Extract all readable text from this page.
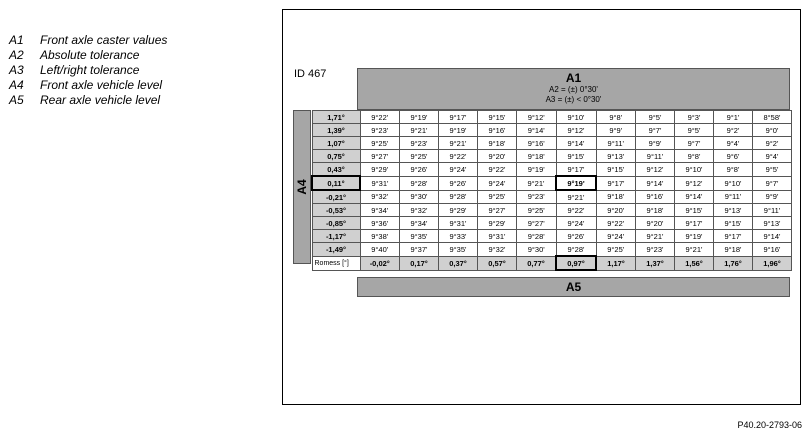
A1 Front axle caster values
A2 Absolute tolerance
A3 Left/right tolerance
A4 Front axle vehicle level
A5 Rear axle vehicle level
ID 467	A1
A2 = (±) 0°30'
A3 = (±) < 0°30'
A4
1,71°	9°22'	9°19'	9°17'	9°15'	9°12'	9°10'	9°8'	9°5'	9°3'	9°1'	8°58'
1,39°	9°23'	9°21'	9°19'	9°16'	9°14'	9°12'	9°9'	9°7'	9°5'	9°2'	9°0'
1,07°	9°25'	9°23'	9°21'	9°18'	9°16'	9°14'	9°11'	9°9'	9°7'	9°4'	9°2'
0,75°	9°27'	9°25'	9°22'	9°20'	9°18'	9°15'	9°13'	9°11'	9°8'	9°6'	9°4'
0,43°	9°29'	9°26'	9°24'	9°22'	9°19'	9°17'	9°15'	9°12'	9°10'	9°8'	9°5'
0,11°	9°31'	9°28'	9°26'	9°24'	9°21'	9°19'	9°17'	9°14'	9°12'	9°10'	9°7'
-0,21°	9°32'	9°30'	9°28'	9°25'	9°23'	9°21'	9°18'	9°16'	9°14'	9°11'	9°9'
-0,53°	9°34'	9°32'	9°29'	9°27'	9°25'	9°22'	9°20'	9°18'	9°15'	9°13'	9°11'
-0,85°	9°36'	9°34'	9°31'	9°29'	9°27'	9°24'	9°22'	9°20'	9°17'	9°15'	9°13'
-1,17°	9°38'	9°35'	9°33'	9°31'	9°28'	9°26'	9°24'	9°21'	9°19'	9°17'	9°14'
-1,49°	9°40'	9°37'	9°35'	9°32'	9°30'	9°28'	9°25'	9°23'	9°21'	9°18'	9°16'
Romess [°]	-0,02°	0,17°	0,37°	0,57°	0,77°	0,97°	1,17°	1,37°	1,56°	1,76°	1,96°
A5
P40.20-2793-06
